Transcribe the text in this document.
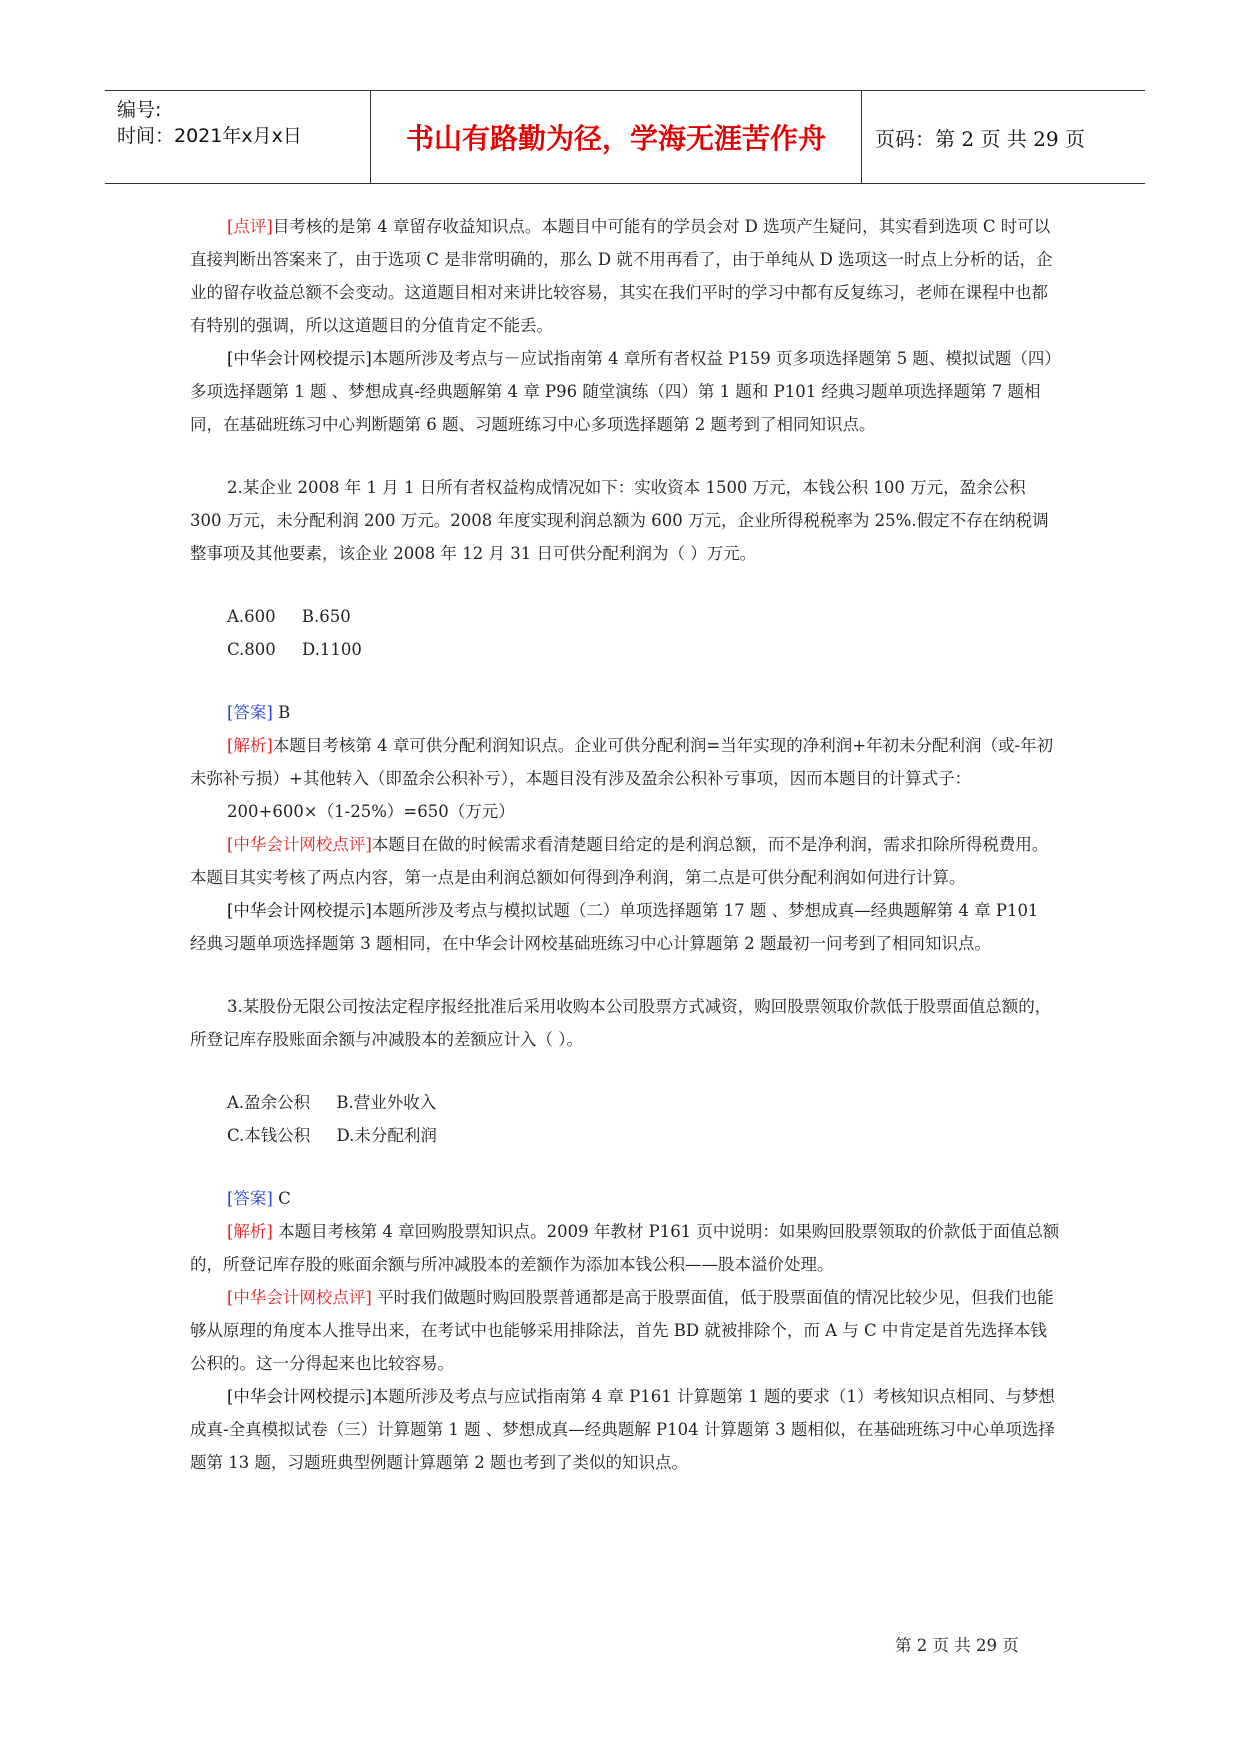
编号:
时间：2021年x月x日	书山有路勤为径，学海无涯苦作舟	页码：第 2 页 共 29 页

[点评]目考核的是第 4 章留存收益知识点。本题目中可能有的学员会对 D 选项产生疑问，其实看到选项 C 时可以直接判断出答案来了，由于选项 C 是非常明确的，那么 D 就不用再看了，由于单纯从 D 选项这一时点上分析的话，企业的留存收益总额不会变动。这道题目相对来讲比较容易，其实在我们平时的学习中都有反复练习，老师在课程中也都有特别的强调，所以这道题目的分值肯定不能丢。

[中华会计网校提示]本题所涉及考点与－应试指南第 4 章所有者权益 P159 页多项选择题第 5 题、模拟试题（四）多项选择题第 1 题 、梦想成真-经典题解第 4 章 P96 随堂演练（四）第 1 题和 P101 经典习题单项选择题第 7 题相同，在基础班练习中心判断题第 6 题、习题班练习中心多项选择题第 2 题考到了相同知识点。

2.某企业 2008 年 1 月 1 日所有者权益构成情况如下：实收资本 1500 万元，本钱公积 100 万元，盈余公积 300 万元，未分配利润 200 万元。2008 年度实现利润总额为 600 万元，企业所得税税率为 25%.假定不存在纳税调整事项及其他要素，该企业 2008 年 12 月 31 日可供分配利润为（ ）万元。

A.600     B.650

C.800     D.1100

[答案] B

[解析]本题目考核第 4 章可供分配利润知识点。企业可供分配利润=当年实现的净利润+年初未分配利润（或-年初未弥补亏损）+其他转入（即盈余公积补亏），本题目没有涉及盈余公积补亏事项，因而本题目的计算式子：

200+600×（1-25%）=650（万元）

[中华会计网校点评]本题目在做的时候需求看清楚题目给定的是利润总额，而不是净利润，需求扣除所得税费用。本题目其实考核了两点内容，第一点是由利润总额如何得到净利润，第二点是可供分配利润如何进行计算。

[中华会计网校提示]本题所涉及考点与模拟试题（二）单项选择题第 17 题 、梦想成真—经典题解第 4 章 P101 经典习题单项选择题第 3 题相同，在中华会计网校基础班练习中心计算题第 2 题最初一问考到了相同知识点。

3.某股份无限公司按法定程序报经批准后采用收购本公司股票方式减资，购回股票领取价款低于股票面值总额的，所登记库存股账面余额与冲减股本的差额应计入（ ）。

A.盈余公积     B.营业外收入

C.本钱公积     D.未分配利润

[答案] C

[解析] 本题目考核第 4 章回购股票知识点。2009 年教材 P161 页中说明：如果购回股票领取的价款低于面值总额的，所登记库存股的账面余额与所冲减股本的差额作为添加本钱公积——股本溢价处理。

[中华会计网校点评] 平时我们做题时购回股票普通都是高于股票面值，低于股票面值的情况比较少见，但我们也能够从原理的角度本人推导出来，在考试中也能够采用排除法，首先 BD 就被排除个，而 A 与 C 中肯定是首先选择本钱公积的。这一分得起来也比较容易。

[中华会计网校提示]本题所涉及考点与应试指南第 4 章 P161 计算题第 1 题的要求（1）考核知识点相同、与梦想成真-全真模拟试卷（三）计算题第 1 题 、梦想成真—经典题解 P104 计算题第 3 题相似，在基础班练习中心单项选择题第 13 题，习题班典型例题计算题第 2 题也考到了类似的知识点。

第 2 页 共 29 页
